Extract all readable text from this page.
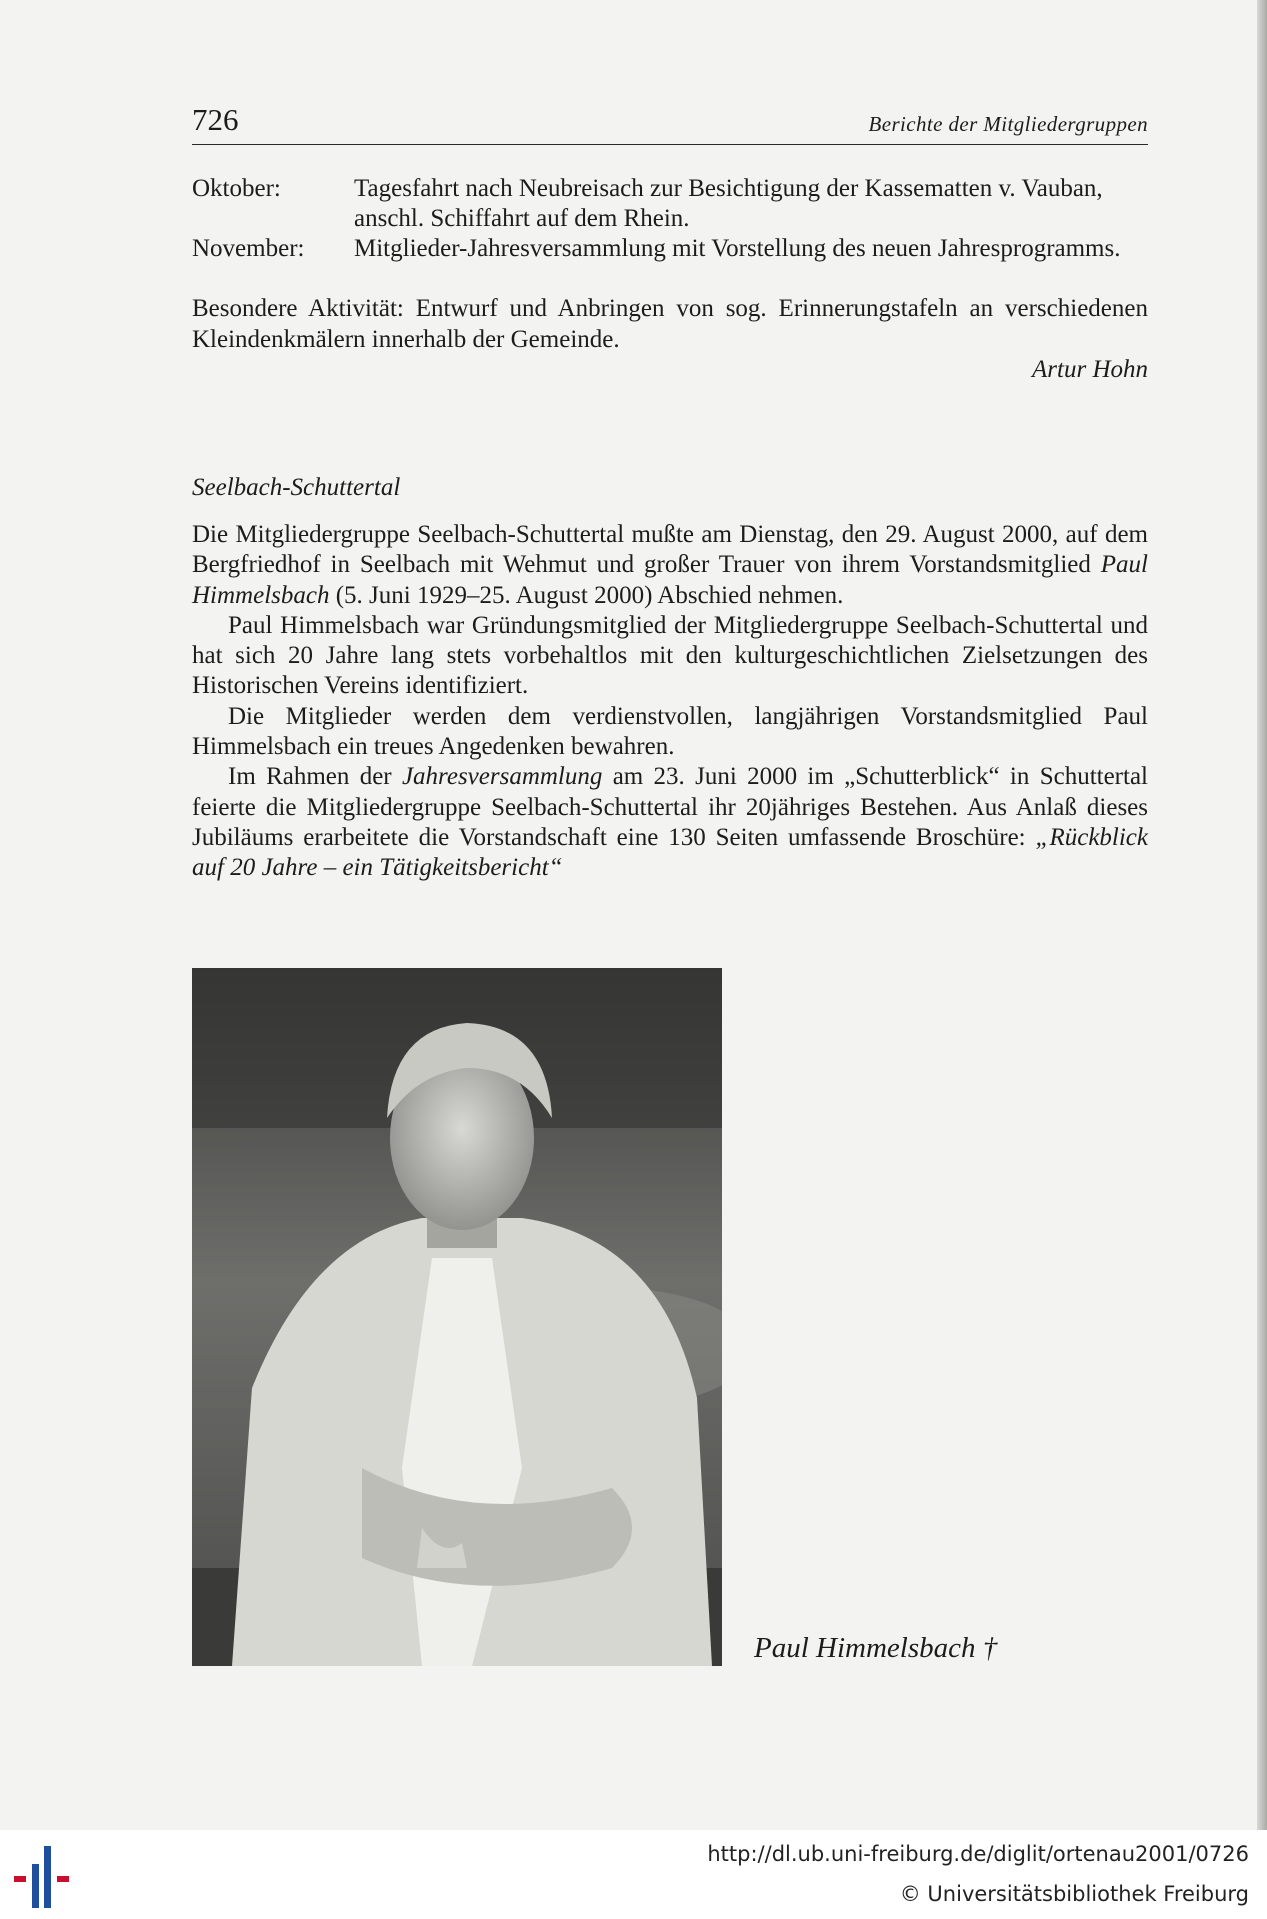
726	Berichte der Mitgliedergruppen
Oktober:	Tagesfahrt nach Neubreisach zur Besichtigung der Kassematten v. Vauban, anschl. Schiffahrt auf dem Rhein.
November:	Mitglieder-Jahresversammlung mit Vorstellung des neuen Jahresprogramms.

Besondere Aktivität: Entwurf und Anbringen von sog. Erinnerungstafeln an verschiedenen Kleindenkmälern innerhalb der Gemeinde.

Artur Hohn
Seelbach-Schuttertal

Die Mitgliedergruppe Seelbach-Schuttertal mußte am Dienstag, den 29. August 2000, auf dem Bergfriedhof in Seelbach mit Wehmut und großer Trauer von ihrem Vorstandsmitglied Paul Himmelsbach (5. Juni 1929–25. August 2000) Abschied nehmen.

Paul Himmelsbach war Gründungsmitglied der Mitgliedergruppe Seelbach-Schuttertal und hat sich 20 Jahre lang stets vorbehaltlos mit den kulturgeschichtlichen Zielsetzungen des Historischen Vereins identifiziert.

Die Mitglieder werden dem verdienstvollen, langjährigen Vorstandsmitglied Paul Himmelsbach ein treues Angedenken bewahren.

Im Rahmen der Jahresversammlung am 23. Juni 2000 im „Schutterblick“ in Schuttertal feierte die Mitgliedergruppe Seelbach-Schuttertal ihr 20jähriges Bestehen. Aus Anlaß dieses Jubiläums erarbeitete die Vorstandschaft eine 130 Seiten umfassende Broschüre: „Rückblick auf 20 Jahre – ein Tätigkeitsbericht“

Paul Himmelsbach †
http://dl.ub.uni-freiburg.de/diglit/ortenau2001/0726
© Universitätsbibliothek Freiburg
